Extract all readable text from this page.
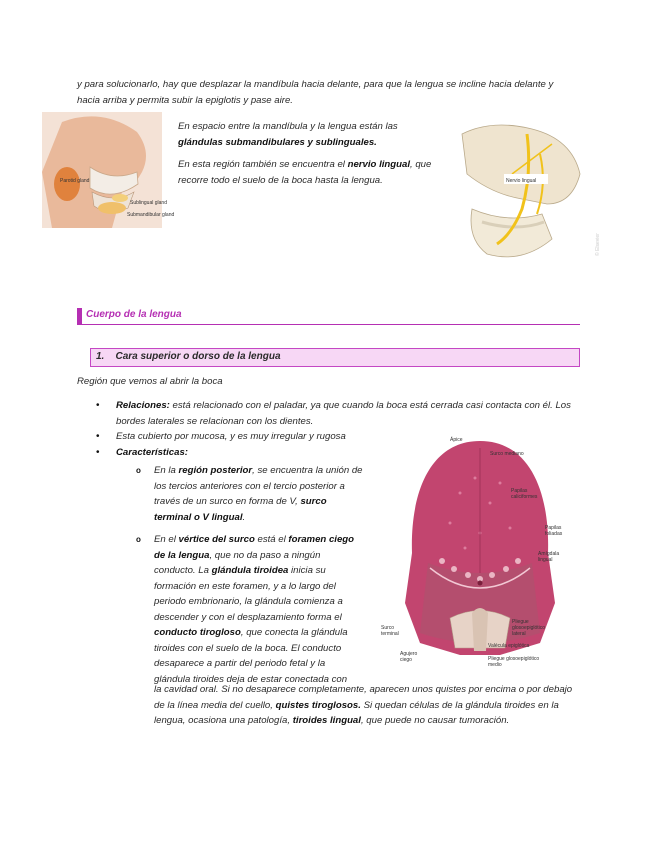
y para solucionarlo, hay que desplazar la mandíbula hacia delante, para que la lengua se incline hacia delante y hacia arriba y permita subir la epiglotis y pase aire.

Parotid gland
Sublingual gland
Submandibular gland

En espacio entre la mandíbula y la lengua están las
glándulas submandibulares y sublinguales.

En esta región también se encuentra el nervio lingual, que recorre todo el suelo de la boca hasta la lengua.	Nervio lingual
© Elsevier
Cuerpo de la lengua
1. Cara superior o dorso de la lengua

Región que vemos al abrir la boca

• Relaciones: está relacionado con el paladar, ya que cuando la boca está cerrada casi contacta con él. Los bordes laterales se relacionan con los dientes.
• Esta cubierto por mucosa, y es muy irregular y rugosa
• Características:
o En la región posterior, se encuentra la unión de los tercios anteriores con el tercio posterior a través de un surco en forma de V, surco terminal o V lingual.
o En el vértice del surco está el foramen ciego de la lengua, que no da paso a ningún conducto. La glándula tiroidea inicia su formación en este foramen, y a lo largo del periodo embrionario, la glándula comienza a descender y con el desplazamiento forma el conducto tirogloso, que conecta la glándula tiroides con el suelo de la boca. El conducto desaparece a partir del periodo fetal y la glándula tiroides deja de estar conectada con
Ápice
Surco mediano
Papilas
caliciformes
Papilas
foliadas
Amígdala
lingual
Surco
terminal
Pliegue
glosoepiglótico
lateral
Valécula epiglótica
Pliegue glosoepiglótico
medio
Agujero
ciego

la cavidad oral. Si no desaparece completamente, aparecen unos quistes por encima o por debajo de la línea media del cuello, quistes tiroglosos. Si quedan células de la glándula tiroides en la lengua, ocasiona una patología, tiroides lingual, que puede no causar tumoración.
